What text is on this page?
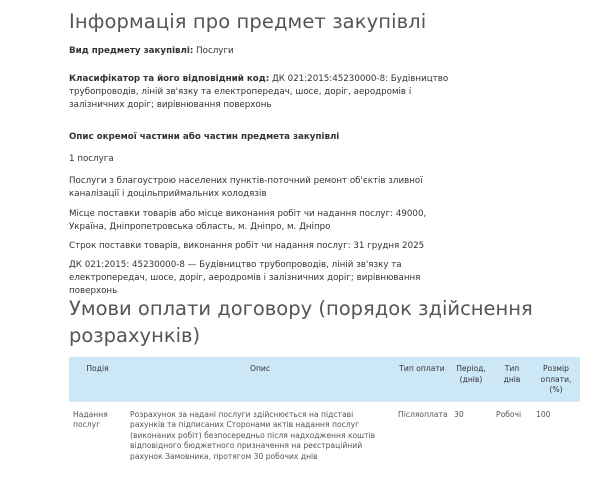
Інформація про предмет закупівлі
Вид предмету закупівлі: Послуги
Класифікатор та його відповідний код: ДК 021:2015:45230000-8: Будівництво трубопроводів, ліній зв'язку та електропередач, шосе, доріг, аеродромів і залізничних доріг; вирівнювання поверхонь
Опис окремої частини або частин предмета закупівлі
1 послуга
Послуги з благоустрою населених пунктів-поточний ремонт об'єктів зливної каналізації і доцільприймальних колодязів
Місце поставки товарів або місце виконання робіт чи надання послуг: 49000, Україна, Дніпропетровська область, м. Дніпро, м. Дніпро
Строк поставки товарів, виконання робіт чи надання послуг: 31 грудня 2025
ДК 021:2015: 45230000-8 — Будівництво трубопроводів, ліній зв'язку та електропередач, шосе, доріг, аеродромів і залізничних доріг; вирівнювання поверхонь
Умови оплати договору (порядок здійснення розрахунків)
Подія	Опис	Тип оплати	Період, (днів)	Тип днів	Розмір оплати, (%)
Надання послуг	Розрахунок за надані послуги здійснюється на підставі рахунків та підписаних Сторонами актів надання послуг (виконаних робіт) безпосередньо після надходження коштів відповідного бюджетного призначення на реєстраційний рахунок Замовника, протягом 30 робочих днів	Післяоплата	30	Робочі	100
